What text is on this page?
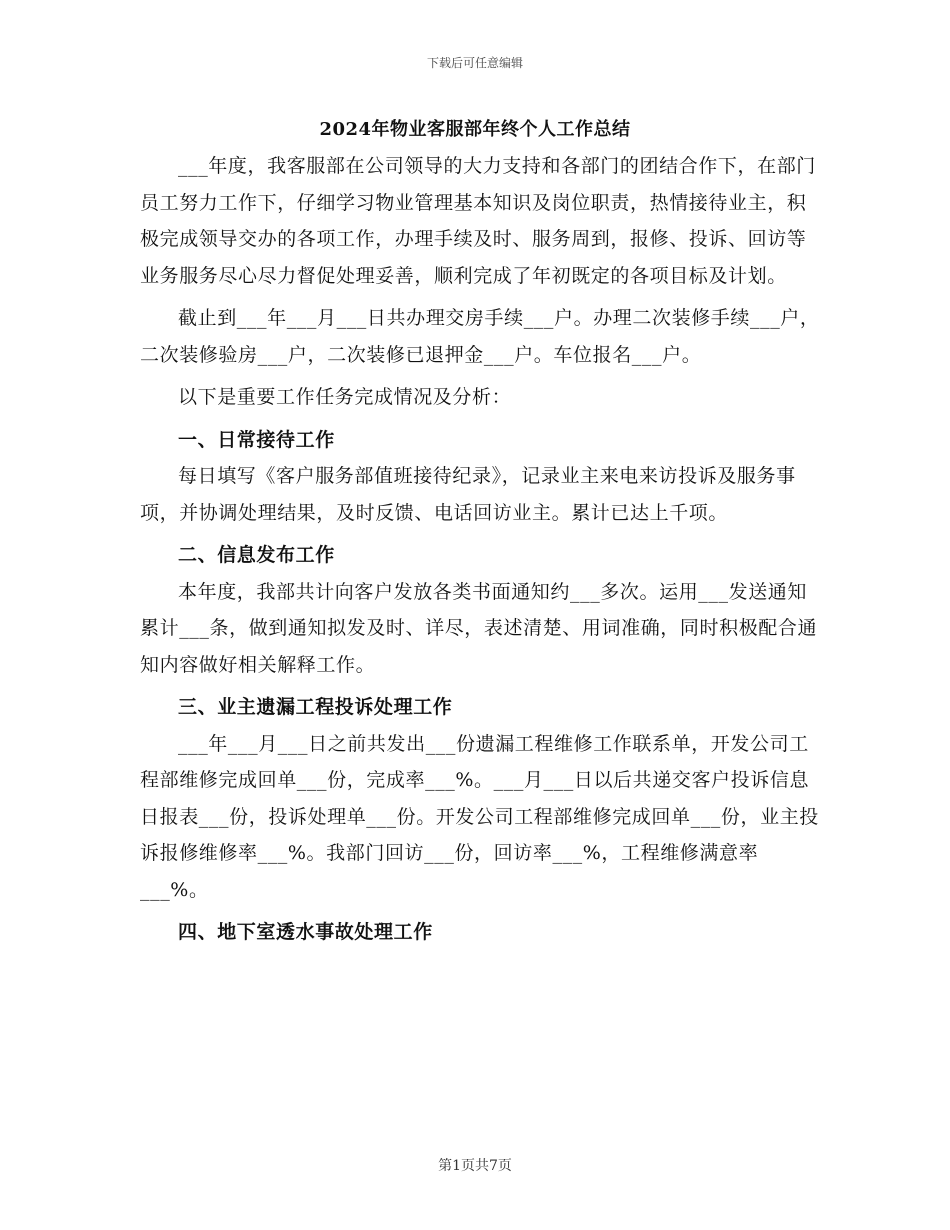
下载后可任意编辑
2024年物业客服部年终个人工作总结

___年度，我客服部在公司领导的大力支持和各部门的团结合作下，在部门员工努力工作下，仔细学习物业管理基本知识及岗位职责，热情接待业主，积极完成领导交办的各项工作，办理手续及时、服务周到，报修、投诉、回访等业务服务尽心尽力督促处理妥善，顺利完成了年初既定的各项目标及计划。

截止到___年___月___日共办理交房手续___户。办理二次装修手续___户，二次装修验房___户，二次装修已退押金___户。车位报名___户。

以下是重要工作任务完成情况及分析：

一、日常接待工作

每日填写《客户服务部值班接待纪录》，记录业主来电来访投诉及服务事项，并协调处理结果，及时反馈、电话回访业主。累计已达上千项。

二、信息发布工作

本年度，我部共计向客户发放各类书面通知约___多次。运用___发送通知累计___条，做到通知拟发及时、详尽，表述清楚、用词准确，同时积极配合通知内容做好相关解释工作。

三、业主遗漏工程投诉处理工作

___年___月___日之前共发出___份遗漏工程维修工作联系单，开发公司工程部维修完成回单___份，完成率___%。___月___日以后共递交客户投诉信息日报表___份，投诉处理单___份。开发公司工程部维修完成回单___份，业主投诉报修维修率___%。我部门回访___份，回访率___%，工程维修满意率___%。

四、地下室透水事故处理工作
第1页共7页
